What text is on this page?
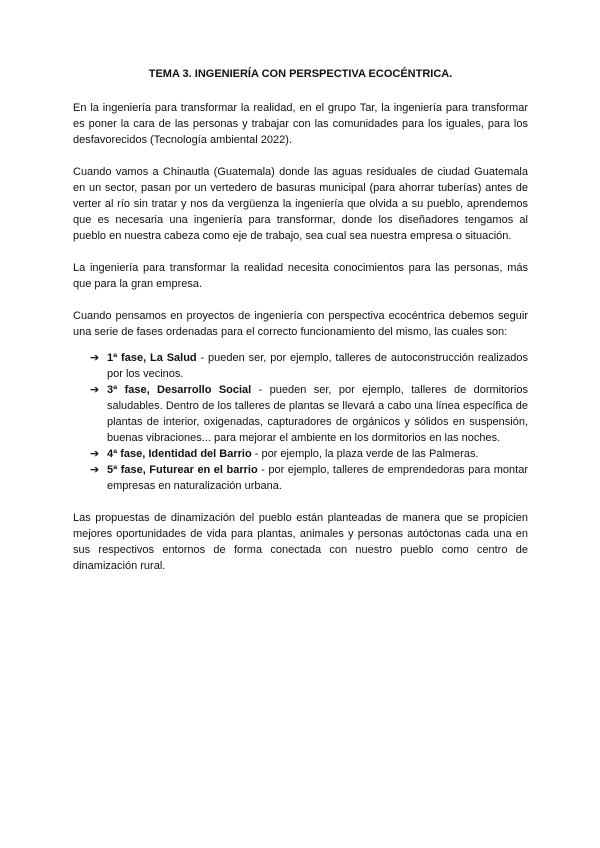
TEMA 3. INGENIERÍA CON PERSPECTIVA ECOCÉNTRICA.

En la ingeniería para transformar la realidad, en el grupo Tar, la ingeniería para transformar es poner la cara de las personas y trabajar con las comunidades para los iguales, para los desfavorecidos (Tecnología ambiental 2022).

Cuando vamos a Chinautla (Guatemala) donde las aguas residuales de ciudad Guatemala en un sector, pasan por un vertedero de basuras municipal (para ahorrar tuberías) antes de verter al río sin tratar y nos da vergüenza la ingeniería que olvida a su pueblo, aprendemos que es necesaria una ingeniería para transformar, donde los diseñadores tengamos al pueblo en nuestra cabeza como eje de trabajo, sea cual sea nuestra empresa o situación.

La ingeniería para transformar la realidad necesita conocimientos para las personas, más que para la gran empresa.

Cuando pensamos en proyectos de ingeniería con perspectiva ecocéntrica debemos seguir una serie de fases ordenadas para el correcto funcionamiento del mismo, las cuales son:

➔ 1ª fase, La Salud - pueden ser, por ejemplo, talleres de autoconstrucción realizados por los vecinos.
➔ 3ª fase, Desarrollo Social - pueden ser, por ejemplo, talleres de dormitorios saludables. Dentro de los talleres de plantas se llevará a cabo una línea específica de plantas de interior, oxigenadas, capturadores de orgánicos y sólidos en suspensión, buenas vibraciones... para mejorar el ambiente en los dormitorios en las noches.
➔ 4ª fase, Identidad del Barrio - por ejemplo, la plaza verde de las Palmeras.
➔ 5ª fase, Futurear en el barrio - por ejemplo, talleres de emprendedoras para montar empresas en naturalización urbana.

Las propuestas de dinamización del pueblo están planteadas de manera que se propicien mejores oportunidades de vida para plantas, animales y personas autóctonas cada una en sus respectivos entornos de forma conectada con nuestro pueblo como centro de dinamización rural.
